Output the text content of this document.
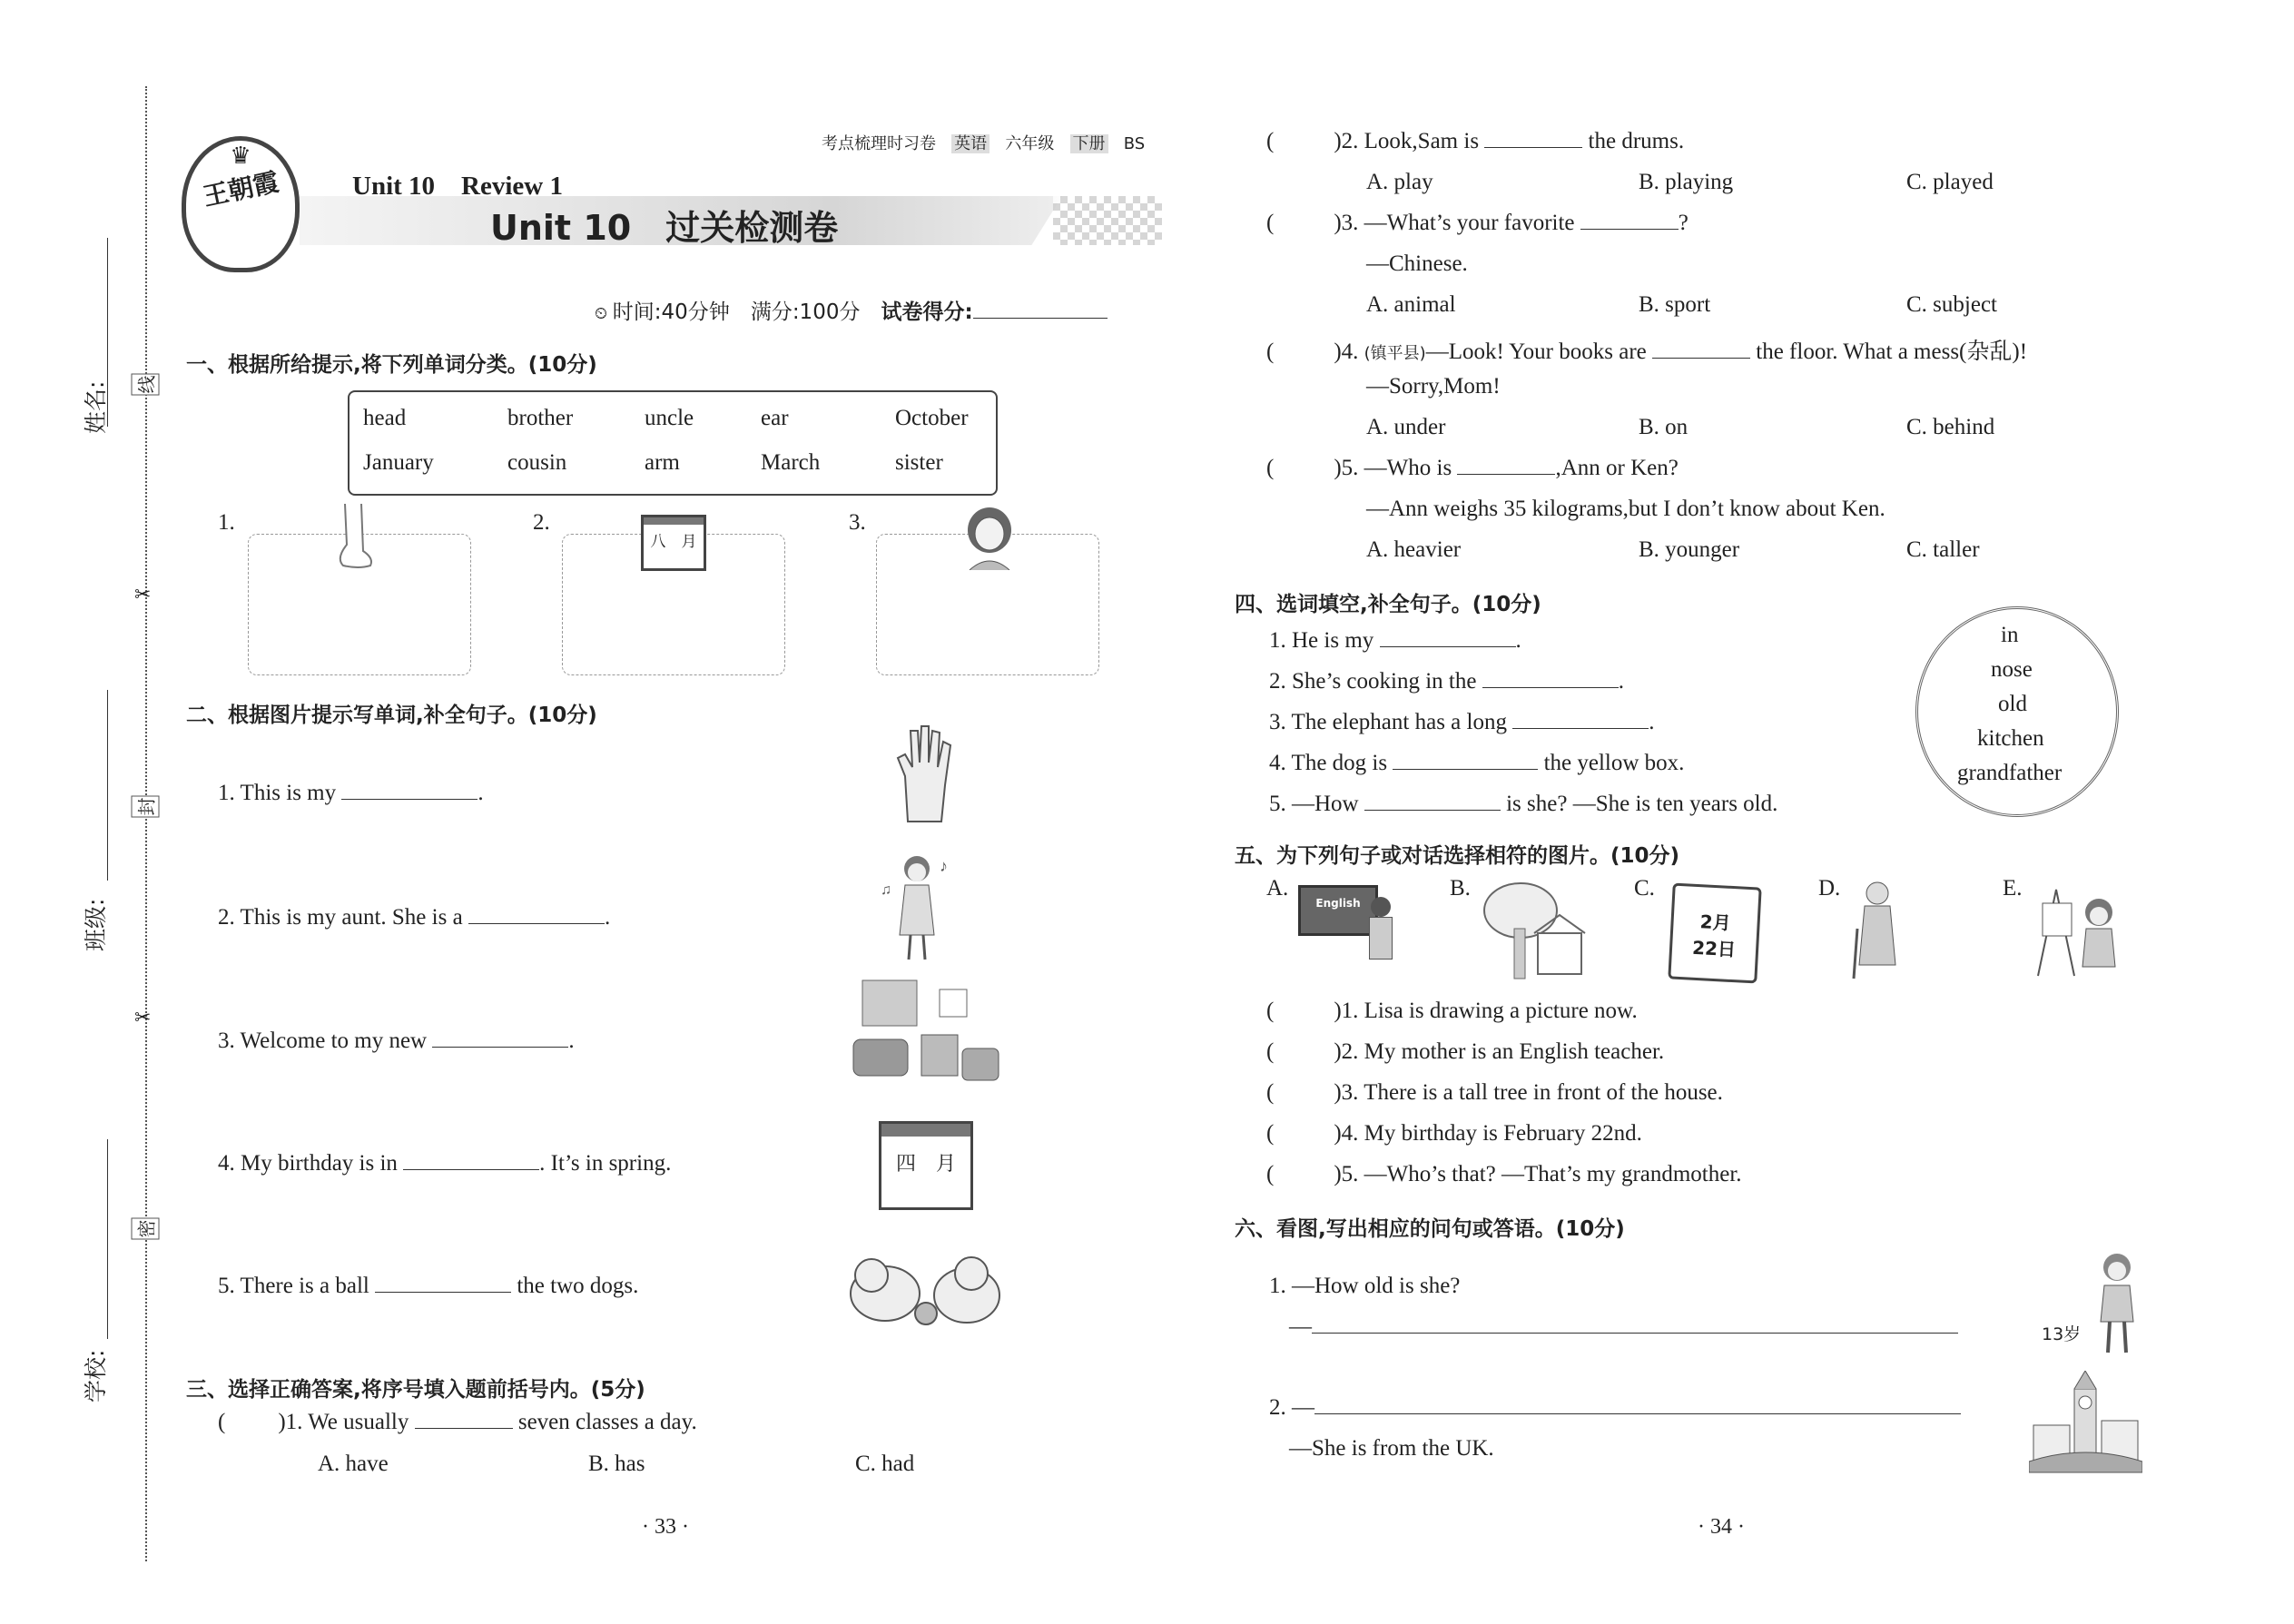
姓名:
班级:
学校:
线
封
密
✂
✂
考点梳理时习卷 英语 六年级 下册 BS
♛
王朝霞	Unit 10　Review 1
Unit 10　过关检测卷
⏲ 时间:40分钟 满分:100分 试卷得分:
一、根据所给提示,将下列单词分类。(10分)
head	brother	uncle	ear	October
January	cousin	arm	March	sister
1.	2.
八　月
3.
二、根据图片提示写单词,补全句子。(10分)
1. This is my	.
2. This is my aunt. She is a	.
♪
♫
3. Welcome to my new	.
4. My birthday is in	. It’s in spring.	四　月
5. There is a ball	the two dogs.
三、选择正确答案,将序号填入题前括号内。(5分)
( )1. We usually	seven classes a day.
A. have	B. has	C. had
· 33 ·
(	)2. Look,Sam is	the drums.
A. play	B. playing	C. played
(	)3. —What’s your favorite	?
—Chinese.
A. animal	B. sport	C. subject
(	)4. (镇平县)—Look! Your books are	the floor. What a mess(杂乱)!
—Sorry,Mom!
A. under	B. on	C. behind
(	)5. —Who is	,Ann or Ken?
—Ann weighs 35 kilograms,but I don’t know about Ken.
A. heavier	B. younger	C. taller
四、选词填空,补全句子。(10分)
1. He is my	.
2. She’s cooking in the	.
3. The elephant has a long	.
4. The dog is	the yellow box.
5. —How	is she? —She is ten years old.
in
nose
old
kitchen
grandfather
五、为下列句子或对话选择相符的图片。(10分)
A.
English
B.	C.
2月
22日
D.	E.
(	)1. Lisa is drawing a picture now.
(	)2. My mother is an English teacher.
(	)3. There is a tall tree in front of the house.
(	)4. My birthday is February 22nd.
(	)5. —Who’s that? —That’s my grandmother.
六、看图,写出相应的问句或答语。(10分)
1. —How old is she?
—	13岁
2. —
—She is from the UK.
· 34 ·
